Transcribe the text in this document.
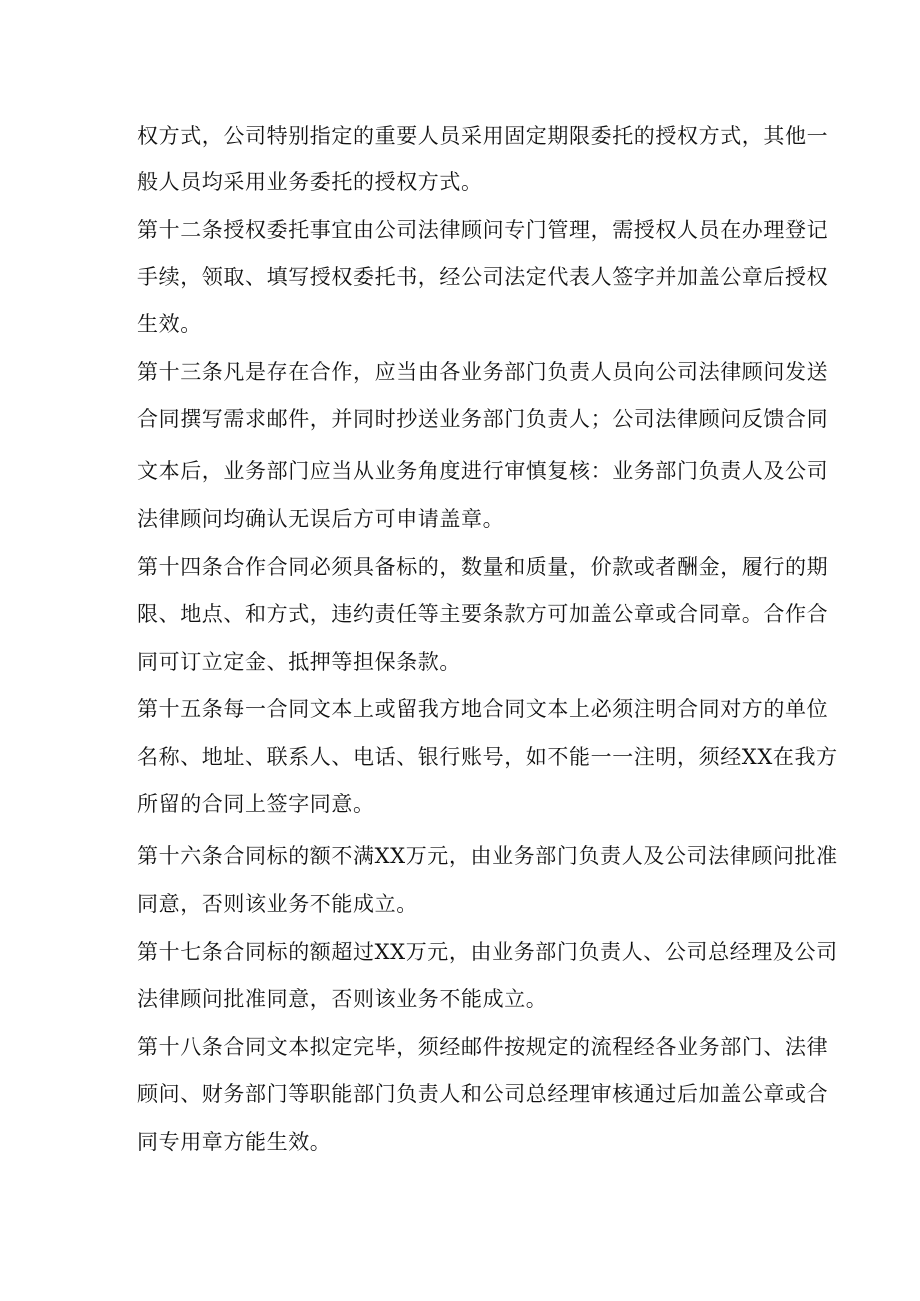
权方式，公司特别指定的重要人员采用固定期限委托的授权方式，其他一

般人员均采用业务委托的授权方式。

第十二条授权委托事宜由公司法律顾问专门管理，需授权人员在办理登记

手续，领取、填写授权委托书，经公司法定代表人签字并加盖公章后授权

生效。

第十三条凡是存在合作，应当由各业务部门负责人员向公司法律顾问发送

合同撰写需求邮件，并同时抄送业务部门负责人；公司法律顾问反馈合同

文本后，业务部门应当从业务角度进行审慎复核：业务部门负责人及公司

法律顾问均确认无误后方可申请盖章。

第十四条合作合同必须具备标的，数量和质量，价款或者酬金，履行的期

限、地点、和方式，违约责任等主要条款方可加盖公章或合同章。合作合

同可订立定金、抵押等担保条款。

第十五条每一合同文本上或留我方地合同文本上必须注明合同对方的单位

名称、地址、联系人、电话、银行账号，如不能一一注明，须经XX在我方

所留的合同上签字同意。

第十六条合同标的额不满XX万元，由业务部门负责人及公司法律顾问批准

同意，否则该业务不能成立。

第十七条合同标的额超过XX万元，由业务部门负责人、公司总经理及公司

法律顾问批准同意，否则该业务不能成立。

第十八条合同文本拟定完毕，须经邮件按规定的流程经各业务部门、法律

顾问、财务部门等职能部门负责人和公司总经理审核通过后加盖公章或合

同专用章方能生效。
